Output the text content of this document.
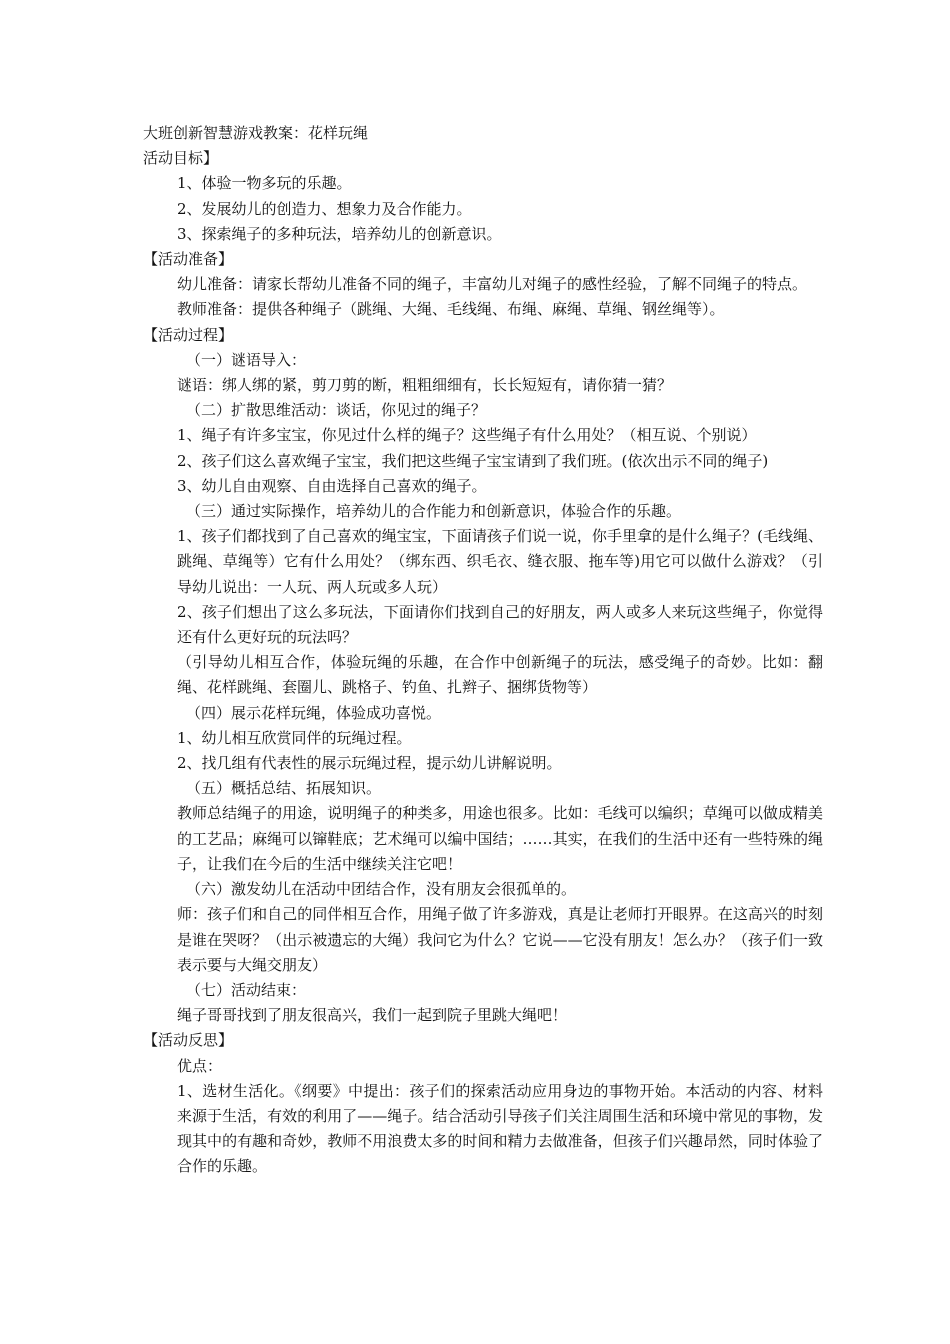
大班创新智慧游戏教案：花样玩绳

活动目标】

1、体验一物多玩的乐趣。

2、发展幼儿的创造力、想象力及合作能力。

3、探索绳子的多种玩法，培养幼儿的创新意识。

【活动准备】

幼儿准备：请家长帮幼儿准备不同的绳子，丰富幼儿对绳子的感性经验，了解不同绳子的特点。

教师准备：提供各种绳子（跳绳、大绳、毛线绳、布绳、麻绳、草绳、钢丝绳等）。

【活动过程】

（一）谜语导入：

谜语：绑人绑的紧，剪刀剪的断，粗粗细细有，长长短短有，请你猜一猜？

（二）扩散思维活动：谈话，你见过的绳子？

1、绳子有许多宝宝，你见过什么样的绳子？这些绳子有什么用处？（相互说、个别说）

2、孩子们这么喜欢绳子宝宝，我们把这些绳子宝宝请到了我们班。(依次出示不同的绳子)

3、幼儿自由观察、自由选择自己喜欢的绳子。

（三）通过实际操作，培养幼儿的合作能力和创新意识，体验合作的乐趣。

1、孩子们都找到了自己喜欢的绳宝宝，下面请孩子们说一说，你手里拿的是什么绳子？(毛线绳、跳绳、草绳等）它有什么用处？（绑东西、织毛衣、缝衣服、拖车等)用它可以做什么游戏？（引导幼儿说出：一人玩、两人玩或多人玩）

2、孩子们想出了这么多玩法，下面请你们找到自己的好朋友，两人或多人来玩这些绳子，你觉得还有什么更好玩的玩法吗？

（引导幼儿相互合作，体验玩绳的乐趣，在合作中创新绳子的玩法，感受绳子的奇妙。比如：翻绳、花样跳绳、套圈儿、跳格子、钓鱼、扎辫子、捆绑货物等）

（四）展示花样玩绳，体验成功喜悦。

1、幼儿相互欣赏同伴的玩绳过程。

2、找几组有代表性的展示玩绳过程，提示幼儿讲解说明。

（五）概括总结、拓展知识。

教师总结绳子的用途，说明绳子的种类多，用途也很多。比如：毛线可以编织；草绳可以做成精美的工艺品；麻绳可以镩鞋底；艺术绳可以编中国结；……其实，在我们的生活中还有一些特殊的绳子，让我们在今后的生活中继续关注它吧！

（六）激发幼儿在活动中团结合作，没有朋友会很孤单的。

师：孩子们和自己的同伴相互合作，用绳子做了许多游戏，真是让老师打开眼界。在这高兴的时刻是谁在哭呀？（出示被遗忘的大绳）我问它为什么？它说——它没有朋友！怎么办？（孩子们一致表示要与大绳交朋友）

（七）活动结束：

绳子哥哥找到了朋友很高兴，我们一起到院子里跳大绳吧！

【活动反思】

优点：

1、选材生活化。《纲要》中提出：孩子们的探索活动应用身边的事物开始。本活动的内容、材料来源于生活，有效的利用了——绳子。结合活动引导孩子们关注周围生活和环境中常见的事物，发现其中的有趣和奇妙，教师不用浪费太多的时间和精力去做准备，但孩子们兴趣昂然，同时体验了合作的乐趣。
